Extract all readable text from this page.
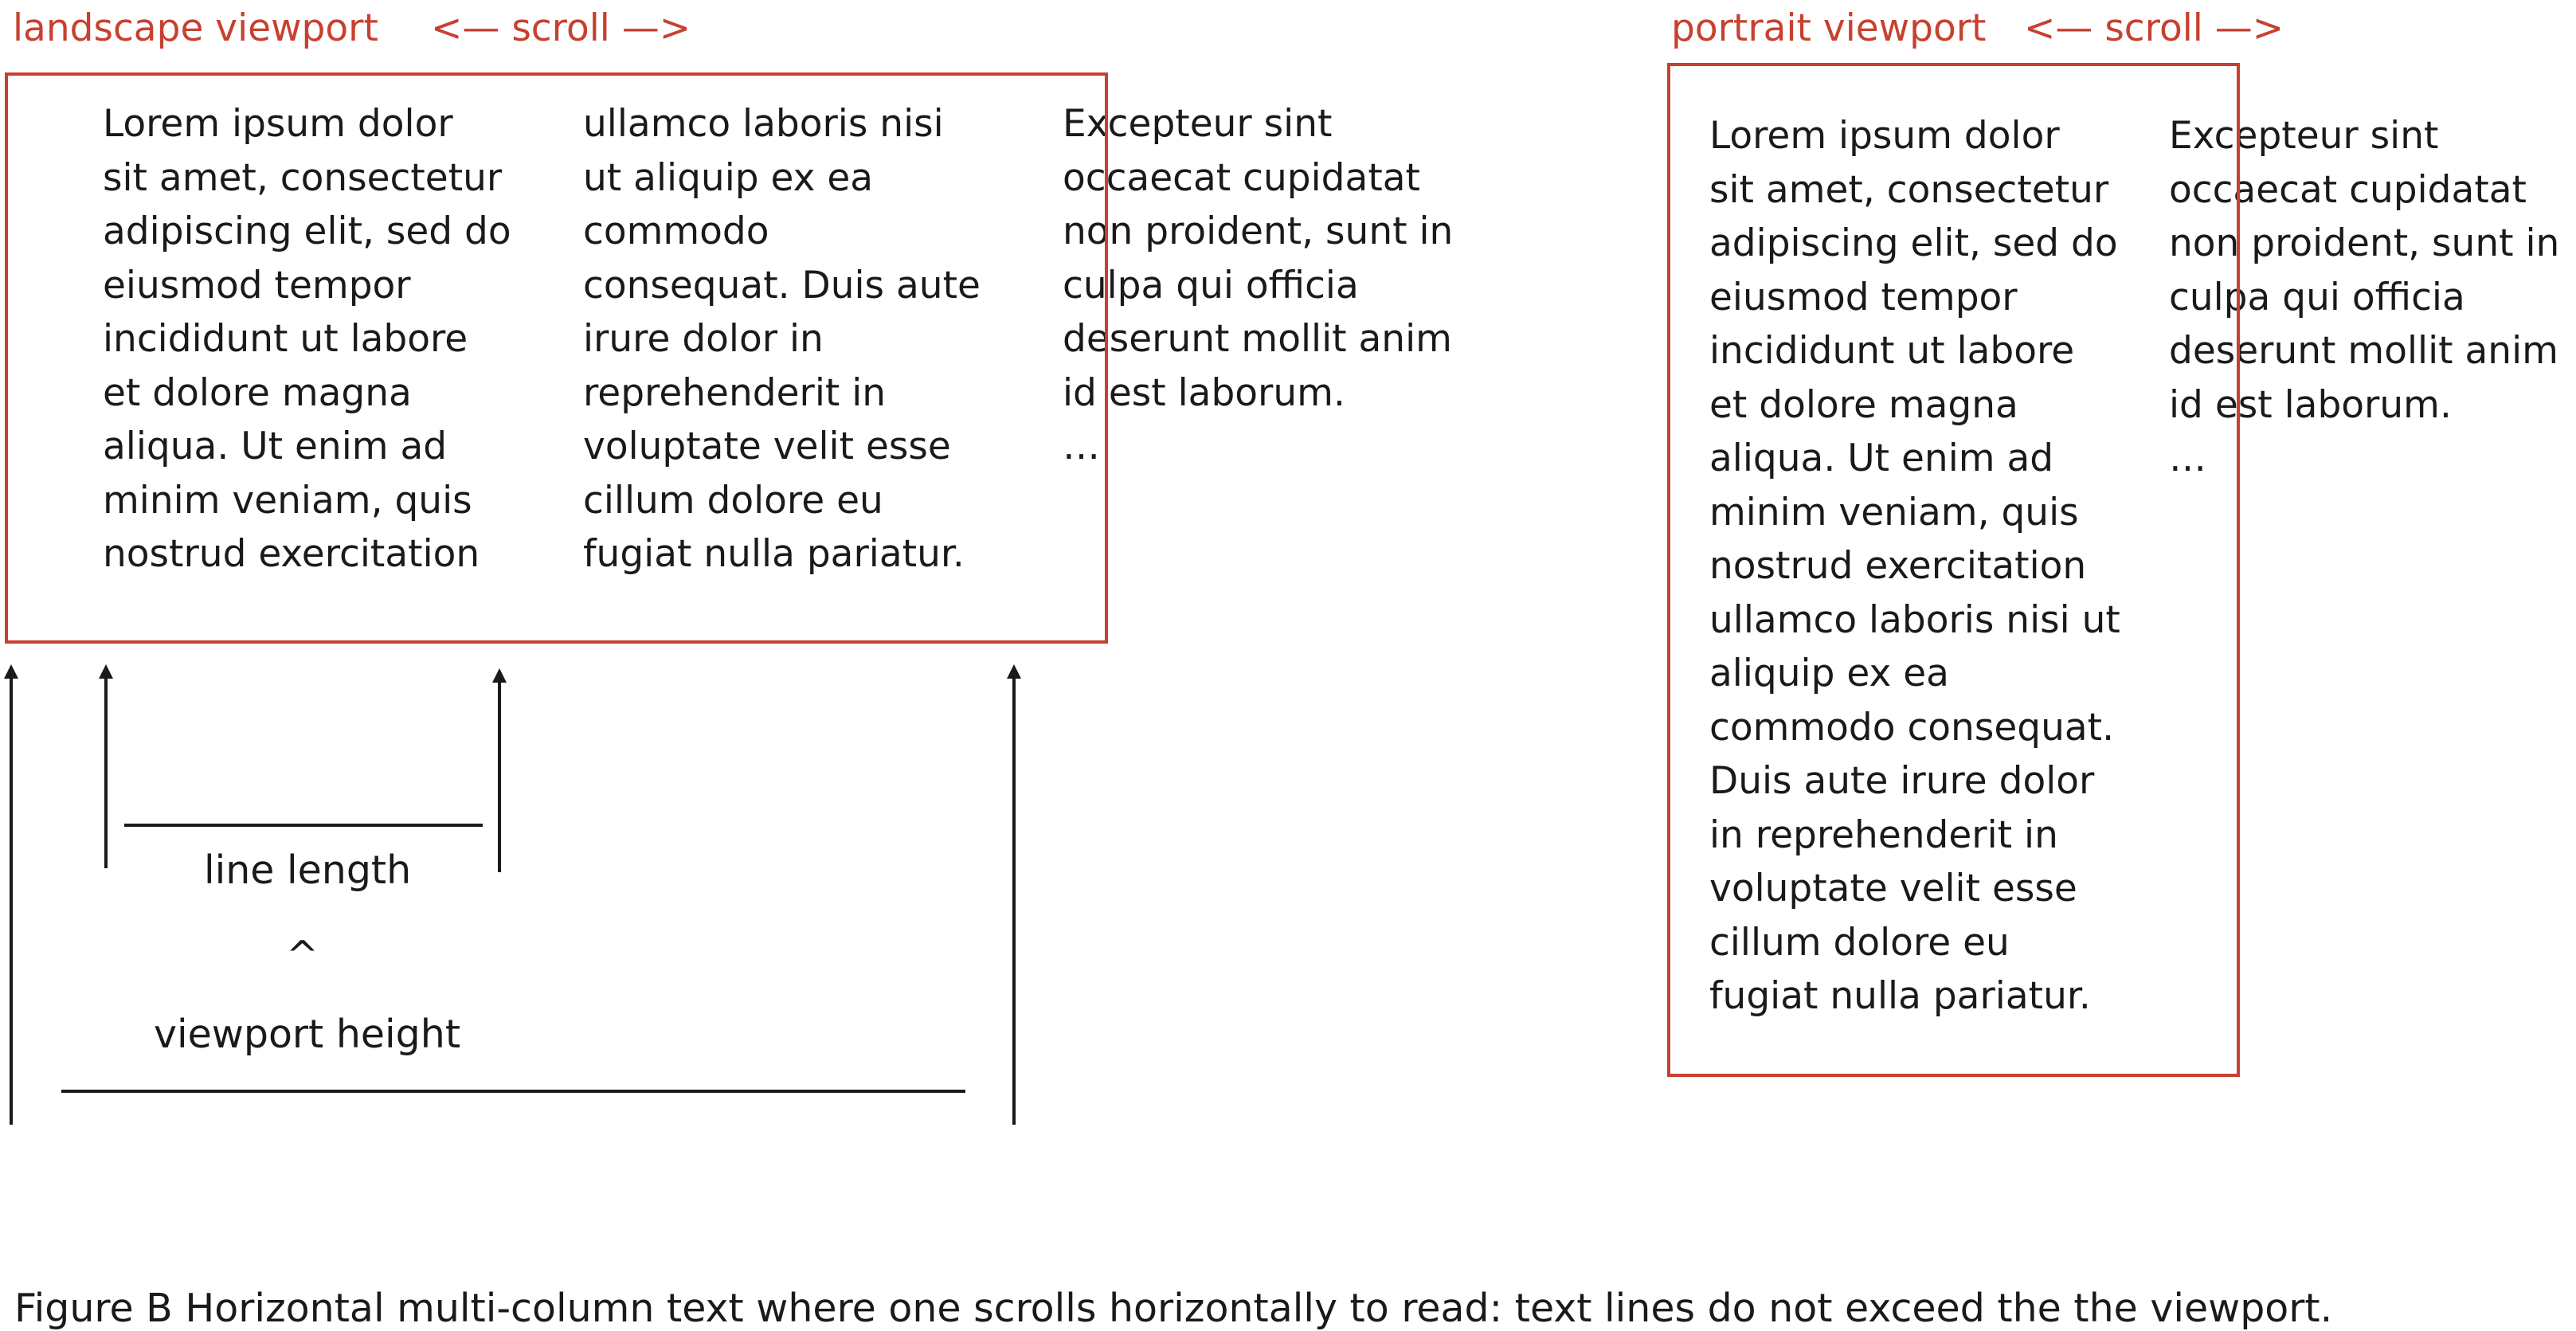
landscape viewport <— scroll —>	portrait viewport <— scroll —>
Lorem ipsum dolor
sit amet, consectetur
adipiscing elit, sed do
eiusmod tempor
incididunt ut labore
et dolore magna
aliqua. Ut enim ad
minim veniam, quis
nostrud exercitation
ullamco laboris nisi
ut aliquip ex ea
commodo
consequat. Duis aute
irure dolor in
reprehenderit in
voluptate velit esse
cillum dolore eu
fugiat nulla pariatur.
Excepteur sint
occaecat cupidatat
non proident, sunt in
culpa qui officia
deserunt mollit anim
id est laborum.
…
Lorem ipsum dolor
sit amet, consectetur
adipiscing elit, sed do
eiusmod tempor
incididunt ut labore
et dolore magna
aliqua. Ut enim ad
minim veniam, quis
nostrud exercitation
ullamco laboris nisi ut
aliquip ex ea
commodo consequat.
Duis aute irure dolor
in reprehenderit in
voluptate velit esse
cillum dolore eu
fugiat nulla pariatur.
Excepteur sint
occaecat cupidatat
non proident, sunt in
culpa qui officia
deserunt mollit anim
id est laborum.
…
line length
^
viewport height
Figure B Horizontal multi-column text where one scrolls horizontally to read: text lines do not exceed the the viewport.
